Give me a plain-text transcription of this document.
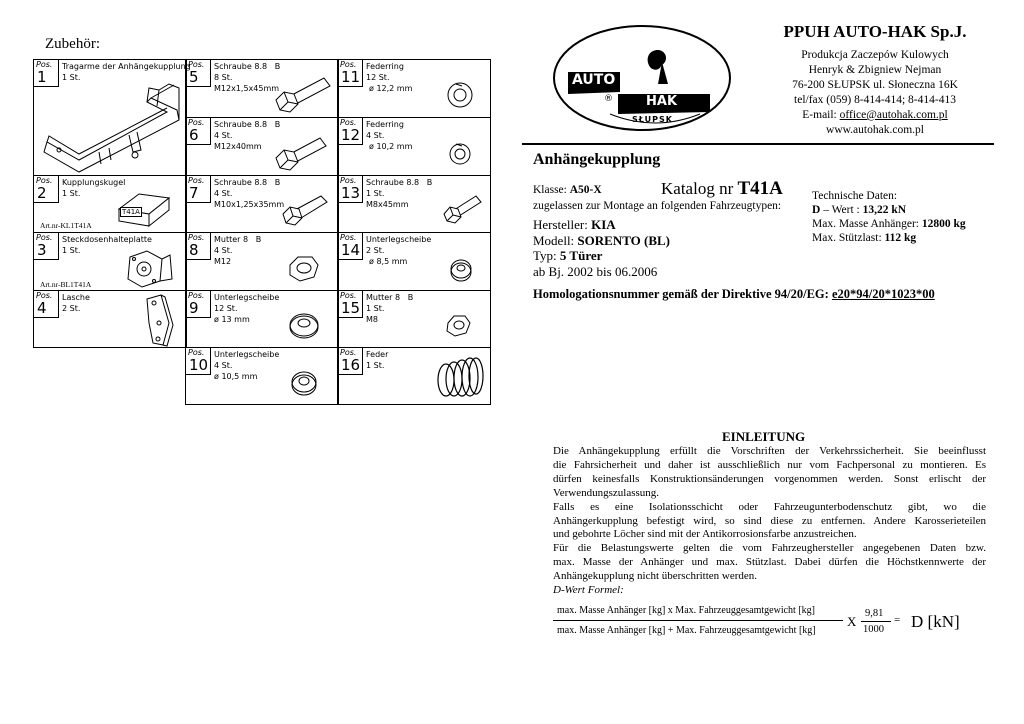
Zubehör:
Pos.
1
Tragarme der Anhängekupplung
1 St.
Pos.
2
Kupplungskugel
1 St.
T41A
Art.nr-KL1T41A
Pos.
3
Steckdosenhalteplatte
1 St.
Art.nr-BL1T41A
Pos.
4
Lasche
2 St.
Pos.
5
Schraube 8.8   B
8 St.
M12x1,5x45mm
Pos.
6
Schraube 8.8   B
4 St.
M12x40mm
Pos.
7
Schraube 8.8   B
4 St.
M10x1,25x35mm
Pos.
8
Mutter 8   B
4 St.
M12
Pos.
9
Unterlegscheibe
12 St.
ø 13 mm
Pos.
10
Unterlegscheibe
4 St.
ø 10,5 mm
Pos.
11
Federring
12 St.
ø 12,2 mm
Pos.
12
Federring
4 St.
ø 10,2 mm
Pos.
13
Schraube 8.8   B
1 St.
M8x45mm
Pos.
14
Unterlegscheibe
2 St.
ø 8,5 mm
Pos.
15
Mutter 8   B
1 St.
M8
Pos.
16
Feder
1 St.
AUTO
®	HAK
SŁUPSK
PPUH AUTO-HAK Sp.J.
Produkcja Zaczepów Kulowych
Henryk & Zbigniew Nejman
76-200 SŁUPSK ul. Słoneczna 16K
tel/fax (059) 8-414-414; 8-414-413
E-mail: office@autohak.com.pl
www.autohak.com.pl
Anhängekupplung
Klasse: A50-X	Katalog nr T41A
zugelassen zur Montage an folgenden Fahrzeugtypen:
Hersteller: KIA
Modell: SORENTO (BL)
Typ: 5 Türer
ab Bj. 2002 bis 06.2006
Technische Daten:
D – Wert : 13,22 kN
Max. Masse Anhänger: 12800 kg
Max. Stützlast: 112 kg
Homologationsnummer gemäß der Direktive 94/20/EG: e20*94/20*1023*00
EINLEITUNG

Die Anhängekupplung erfüllt die Vorschriften der Verkehrssicherheit. Sie beeinflusst

die Fahrsicherheit und daher ist ausschließlich nur vom Fachpersonal zu montieren. Es

dürfen keinesfalls Konstruktionsänderungen vorgenommen werden. Sonst erlischt der

Verwendungszulassung.

Falls es eine Isolationsschicht oder Fahrzeugunterbodenschutz gibt, wo die

Anhängerkupplung befestigt wird, so sind diese zu entfernen. Andere Karosserieteilen

und gebohrte Löcher sind mit der Antikorrosionsfarbe anzustreichen.

Für die Belastungswerte gelten die vom Fahrzeughersteller angegebenen Daten bzw.

max. Masse der Anhänger und max. Stützlast. Dabei dürfen die Höchstkennwerte der

Anhängekupplung nicht überschritten werden.

D-Wert Formel:

max. Masse Anhänger [kg] x Max. Fahrzeuggesamtgewicht [kg]
max. Masse Anhänger [kg] + Max. Fahrzeuggesamtgewicht [kg]
X
9,81
1000
= D [kN]
